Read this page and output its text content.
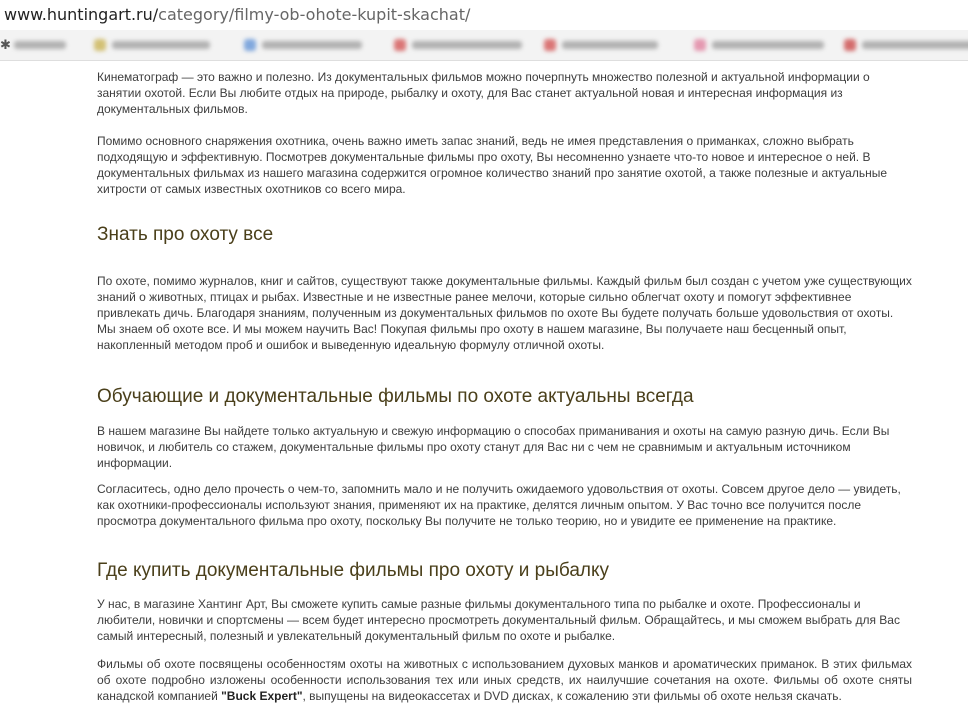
www.huntingart.ru/category/filmy-ob-ohote-kupit-skachat/
✱

Кинематограф — это важно и полезно. Из документальных фильмов можно почерпнуть множество полезной и актуальной информации о занятии охотой. Если Вы любите отдых на природе, рыбалку и охоту, для Вас станет актуальной новая и интересная информация из документальных фильмов.

Помимо основного снаряжения охотника, очень важно иметь запас знаний, ведь не имея представления о приманках, сложно выбрать подходящую и эффективную. Посмотрев документальные фильмы про охоту, Вы несомненно узнаете что-то новое и интересное о ней. В документальных фильмах из нашего магазина содержится огромное количество знаний про занятие охотой, а также полезные и актуальные хитрости от самых известных охотников со всего мира.

Знать про охоту все

По охоте, помимо журналов, книг и сайтов, существуют также документальные фильмы. Каждый фильм был создан с учетом уже существующих знаний о животных, птицах и рыбах. Известные и не известные ранее мелочи, которые сильно облегчат охоту и помогут эффективнее привлекать дичь. Благодаря знаниям, полученным из документальных фильмов по охоте Вы будете получать больше удовольствия от охоты.

Мы знаем об охоте все. И мы можем научить Вас! Покупая фильмы про охоту в нашем магазине, Вы получаете наш бесценный опыт, накопленный методом проб и ошибок и выведенную идеальную формулу отличной охоты.

Обучающие и документальные фильмы по охоте актуальны всегда

В нашем магазине Вы найдете только актуальную и свежую информацию о способах приманивания и охоты на самую разную дичь. Если Вы новичок, и любитель со стажем, документальные фильмы про охоту станут для Вас ни с чем не сравнимым и актуальным источником информации.

Согласитесь, одно дело прочесть о чем-то, запомнить мало и не получить ожидаемого удовольствия от охоты. Совсем другое дело — увидеть, как охотники-профессионалы используют знания, применяют их на практике, делятся личным опытом. У Вас точно все получится после просмотра документального фильма про охоту, поскольку Вы получите не только теорию, но и увидите ее применение на практике.

Где купить документальные фильмы про охоту и рыбалку

У нас, в магазине Хантинг Арт, Вы сможете купить самые разные фильмы документального типа по рыбалке и охоте. Профессионалы и любители, новички и спортсмены — всем будет интересно просмотреть документальный фильм. Обращайтесь, и мы сможем выбрать для Вас самый интересный, полезный и увлекательный документальный фильм по охоте и рыбалке.

Фильмы об охоте посвящены особенностям охоты на животных с использованием духовых манков и ароматических приманок. В этих фильмах об охоте подробно изложены особенности использования тех или иных средств, их наилучшие сочетания на охоте. Фильмы об охоте сняты канадской компанией "Buck Expert", выпущены на видеокассетах и DVD дисках, к сожалению эти фильмы об охоте нельзя скачать.
